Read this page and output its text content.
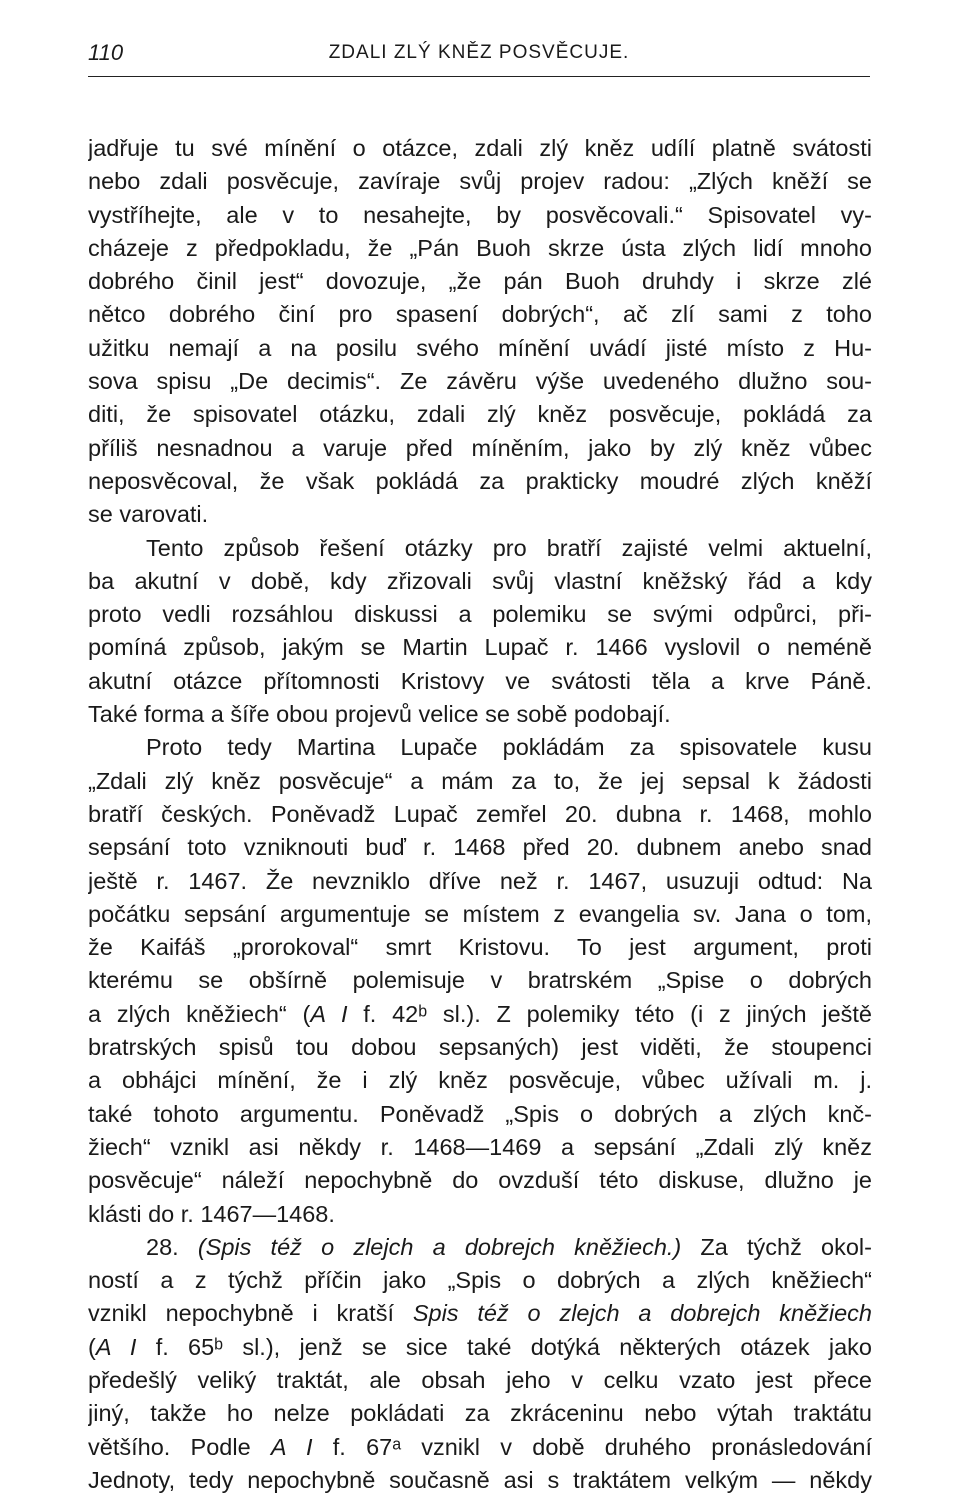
110	ZDALI ZLÝ KNĚZ POSVĚCUJE.
jadřuje tu své mínění o otázce, zdali zlý kněz udílí platně svátosti
nebo zdali posvěcuje, zavíraje svůj projev radou: „Zlých kněží se
vystříhejte, ale v to nesahejte, by posvěcovali.“ Spisovatel vy-
cházeje z předpokladu, že „Pán Buoh skrze ústa zlých lidí mnoho
dobrého činil jest“ dovozuje, „že pán Buoh druhdy i skrze zlé
nětco dobrého činí pro spasení dobrých“, ač zlí sami z toho
užitku nemají a na posilu svého mínění uvádí jisté místo z Hu-
sova spisu „De decimis“. Ze závěru výše uvedeného dlužno sou-
diti, že spisovatel otázku, zdali zlý kněz posvěcuje, pokládá za
příliš nesnadnou a varuje před míněním, jako by zlý kněz vůbec
neposvěcoval, že však pokládá za prakticky moudré zlých kněží
se varovati.
Tento způsob řešení otázky pro bratří zajisté velmi aktuelní,
ba akutní v době, kdy zřizovali svůj vlastní kněžský řád a kdy
proto vedli rozsáhlou diskussi a polemiku se svými odpůrci, při-
pomíná způsob, jakým se Martin Lupač r. 1466 vyslovil o neméně
akutní otázce přítomnosti Kristovy ve svátosti těla a krve Páně.
Také forma a šíře obou projevů velice se sobě podobají.
Proto tedy Martina Lupače pokládám za spisovatele kusu
„Zdali zlý kněz posvěcuje“ a mám za to, že jej sepsal k žádosti
bratří českých. Poněvadž Lupač zemřel 20. dubna r. 1468, mohlo
sepsání toto vzniknouti buď r. 1468 před 20. dubnem anebo snad
ještě r. 1467. Že nevzniklo dříve než r. 1467, usuzuji odtud: Na
počátku sepsání argumentuje se místem z evangelia sv. Jana o tom,
že Kaifáš „prorokoval“ smrt Kristovu. To jest argument, proti
kterému se obšírně polemisuje v bratrském „Spise o dobrých
a zlých kněžiech“ (A I f. 42ᵇ sl.). Z polemiky této (i z jiných ještě
bratrských spisů tou dobou sepsaných) jest viděti, že stoupenci
a obhájci mínění, že i zlý kněz posvěcuje, vůbec užívali m. j.
také tohoto argumentu. Poněvadž „Spis o dobrých a zlých knč-
žiech“ vznikl asi někdy r. 1468—1469 a sepsání „Zdali zlý kněz
posvěcuje“ náleží nepochybně do ovzduší této diskuse, dlužno je
klásti do r. 1467—1468.
28. (Spis též o zlejch a dobrejch kněžiech.) Za týchž okol-
ností a z týchž příčin jako „Spis o dobrých a zlých kněžiech“
vznikl nepochybně i kratší Spis též o zlejch a dobrejch kněžiech
(A I f. 65ᵇ sl.), jenž se sice také dotýká některých otázek jako
předešlý veliký traktát, ale obsah jeho v celku vzato jest přece
jiný, takže ho nelze pokládati za zkráceninu nebo výtah traktátu
většího. Podle A I f. 67ᵃ vznikl v době druhého pronásledování
Jednoty, tedy nepochybně současně asi s traktátem velkým — někdy
